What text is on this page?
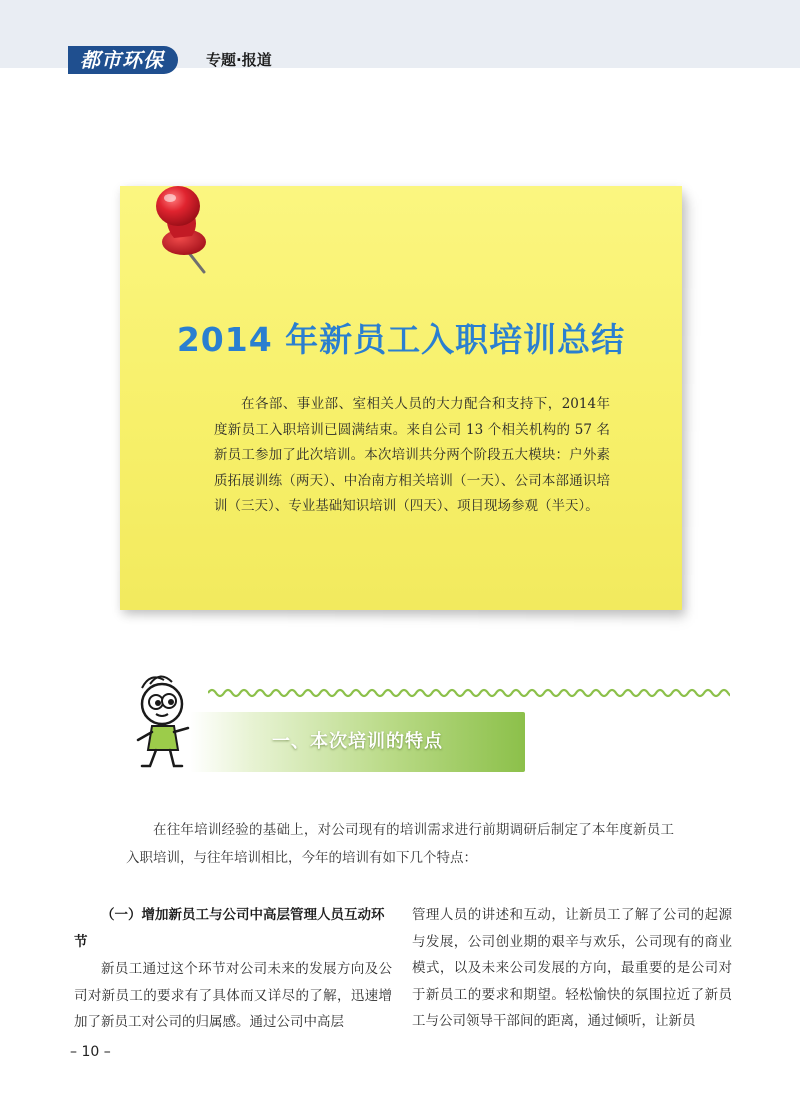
都市环保	专题·报道
2014 年新员工入职培训总结
在各部、事业部、室相关人员的大力配合和支持下，2014年度新员工入职培训已圆满结束。来自公司 13 个相关机构的 57 名新员工参加了此次培训。本次培训共分两个阶段五大模块：户外素质拓展训练（两天）、中冶南方相关培训（一天）、公司本部通识培训（三天）、专业基础知识培训（四天）、项目现场参观（半天）。
一、本次培训的特点
在往年培训经验的基础上，对公司现有的培训需求进行前期调研后制定了本年度新员工入职培训，与往年培训相比，今年的培训有如下几个特点：

（一）增加新员工与公司中高层管理人员互动环节

新员工通过这个环节对公司未来的发展方向及公司对新员工的要求有了具体而又详尽的了解，迅速增加了新员工对公司的归属感。通过公司中高层

管理人员的讲述和互动，让新员工了解了公司的起源与发展，公司创业期的艰辛与欢乐，公司现有的商业模式，以及未来公司发展的方向，最重要的是公司对于新员工的要求和期望。轻松愉快的氛围拉近了新员工与公司领导干部间的距离，通过倾听，让新员

– 10 –
